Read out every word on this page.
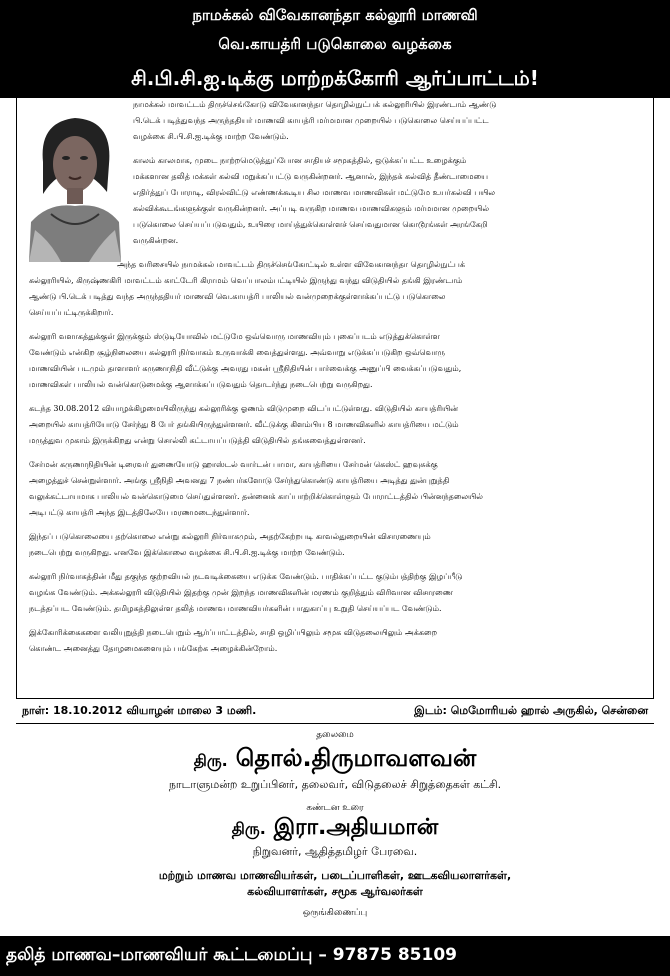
நாமக்கல் விவேகானந்தா கல்லூரி மாணவி
வெ.காயத்ரி படுகொலை வழக்கை
சி.பி.சி.ஐ.டிக்கு மாற்றக்கோரி ஆர்ப்பாட்டம்!
நாமக்கல் மாவட்டம் திருச்செங்கோடு விவேகானந்தா தொழில்நுட்பக் கல்லூரியில் இரண்டாம் ஆண்டு
பி.டெக் படித்துவந்த அருந்ததியர் மாணவி காயத்ரி மர்மமான முறையில் படுகொலை செய்யப்பட்ட
வழக்கை சி.பி.சி.ஐ.டிக்கு மாற்ற வேண்டும்.
காலம் காலமாக, முடை நாற்றமெடுத்துப்போன சாதியச் சமூகத்தில், ஒடுக்கப்பட்ட உழைக்கும்
மக்களான தலித் மக்கள் கல்வி மறுக்கப்பட்டு வருகின்றனர். ஆனால், இந்தக் கல்வித் தீண்டாமையை
எதிர்த்துப் போராடி, விரல்விட்டு எண்ணக்கூடிய சில மாணவ மாணவிகள் மட்டுமே உயர்கல்வி பயில
கல்விக்கூடங்களுக்குள் வருகின்றனர். அப்படி வருகிற மாணவ மாணவிகளும் மர்மமான முறையில்
படுகொலை செய்யப்படுவதும், உயிரை மாய்த்துக்கொள்ளச் செய்வதுமான கொடூரங்கள் அரங்கேறி
வருகின்றன.
அந்த வரிசையில் நாமக்கல் மாவட்டம் திருச்செங்கோட்டில் உள்ள விவேகானந்தா தொழில்நுட்பக்
கல்லூரியில், கிருஷ்ணகிரி மாவட்டம் காட்டேரி கிராமம் வெப்பாலம்பட்டியில் இருந்து வந்து விடுதியில் தங்கி இரண்டாம்
ஆண்டு பி.டெக் படித்து வந்த அருந்ததியர் மாணவி வெ.காயத்ரி பாலியல் வன்முறைக்குள்ளாக்கப்பட்டு படுகொலை
செய்யப்பட்டிருக்கிறார்.
கல்லூரி வளாகத்துக்குள் இருக்கும் ஸ்டுடியோவில் மட்டுமே ஒவ்வொரு மாணவியும் புகைப்படம் எடுத்துக்கொள்ள
வேண்டும் என்கிற சூழ்நிலையை கல்லூரி நிர்வாகம் உருவாக்கி வைத்துள்ளது. அவ்வாறு எடுக்கப்படுகிற ஒவ்வொரு
மாணவியின் படமும் தாளாளர் கருணாநிதி வீட்டுக்கு அவரது மகன் ஸ்ரீநிதியின் பார்வைக்கு அனுப்பி வைக்கப்படுவதும்,
மாணவிகள் பாலியல் வன்கொடுமைக்கு ஆளாக்கப்படுவதும் தொடர்ந்து நடைபெற்று வருகிறது.
கடந்த 30.08.2012 வியாழக்கிழமையிலிருந்து கல்லூரிக்கு ஓணம் விடுமுறை விடப்பட்டுள்ளது. விடுதியில் காயத்ரியின்
அறையில் காயத்ரியோடு சேர்ந்து 8 பேர் தங்கியிருந்துள்ளனர். வீட்டுக்கு கிளம்பிய 8 மாணவிகளில் காயத்ரியை மட்டும்
மருத்துவ முகாம் இருக்கிறது என்று சொல்லி கட்டாயப்படுத்தி விடுதியில் தங்கவைத்துள்ளனர்.
சேர்மன் கருணாநிதியின் டிரைவர் துணையோடு ஹாஸ்டல் வார்டன் பாமா, காயத்ரியை சேர்மன் கெஸ்ட் ஹவுசுக்கு
அழைத்துச் சென்றுள்ளார். அங்கு ஸ்ரீநிதி அவனது 7 நண்பர்களோடு சேர்ந்துகொண்டு காயத்ரியை அடித்து துன்புறுத்தி
வலுக்கட்டாயமாக பாலியல் வன்கொடுமை செய்துள்ளனர். தன்னைக் காப்பாற்றிக்கொள்ளும் போராட்டத்தில் பின்னந்தலையில்
அடிபட்டு காயத்ரி அந்த இடத்திலேயே மரணமடைந்துள்ளார்.
இந்தப் படுகொலையை தற்கொலை என்று கல்லூரி நிர்வாகமும், அதற்கேற்றபடி காவல்துறையின் விசாரணையும்
நடைபெற்று வருகிறது. எனவே இக்கொலை வழக்கை சி.பி.சி.ஐ.டிக்கு மாற்ற வேண்டும்.
கல்லூரி நிர்வாகத்தின் மீது தகுந்த குற்றவியல் நடவடிக்கையை எடுக்க வேண்டும். பாதிக்கப்பட்ட குடும்பத்திற்கு இழப்பீடு
வழங்க வேண்டும். அக்கல்லூரி விடுதியில் இதற்கு முன் இறந்த மாணவிகளின் மரணம் குறித்தும் விரிவான விசாரணை
நடத்தப்பட வேண்டும். தமிழகத்திலுள்ள தலித் மாணவ மாணவியர்களின் பாதுகாப்பு உறுதி செய்யப்பட வேண்டும்.
இக்கோரிக்கைகளை வலியுறுத்தி நடைபெறும் ஆர்ப்பாட்டத்தில், சாதி ஒழிப்பிலும் சமூக விடுதலையிலும் அக்கறை
கொண்ட அனைத்து தோழமைகளையும் பங்கேற்க அழைக்கின்றோம்.
நாள்: 18.10.2012 வியாழன் மாலை 3 மணி.	இடம்: மெமோரியல் ஹால் அருகில், சென்னை
தலைமை
திரு. தொல்.திருமாவளவன்
நாடாளுமன்ற உறுப்பினர், தலைவர், விடுதலைச் சிறுத்தைகள் கட்சி.
கண்டன உரை
திரு. இரா.அதியமான்
நிறுவனர், ஆதித்தமிழர் பேரவை.
மற்றும் மாணவ மாணவியர்கள், படைப்பாளிகள், ஊடகவியலாளர்கள்,
கல்வியாளர்கள், சமூக ஆர்வலர்கள்
ஒருங்கிணைப்பு
தலித் மாணவ–மாணவியர் கூட்டமைப்பு – 97875 85109
